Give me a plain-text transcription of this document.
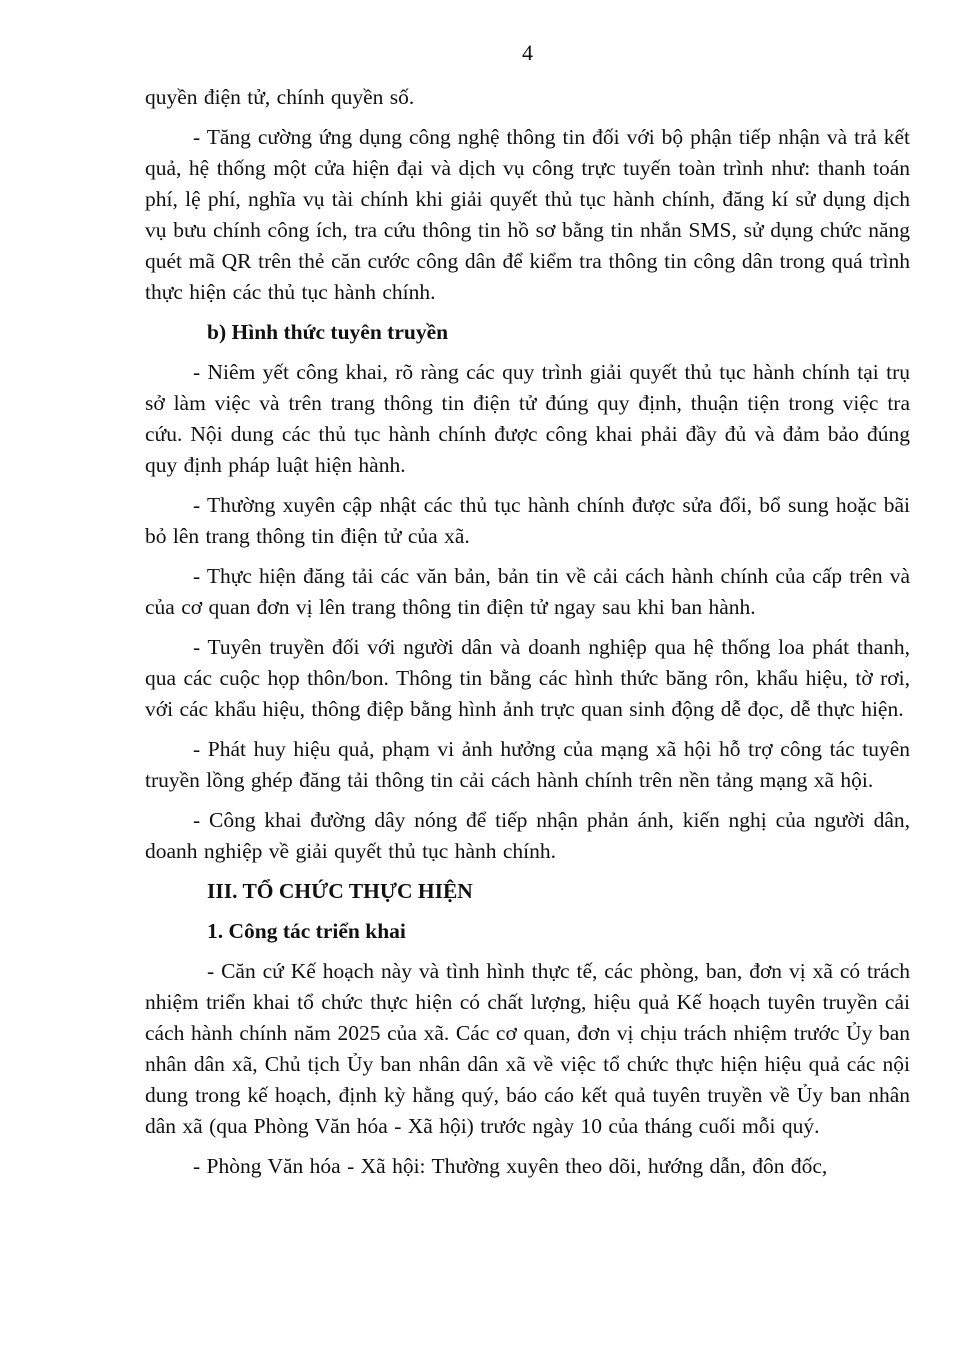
4

quyền điện tử, chính quyền số.

- Tăng cường ứng dụng công nghệ thông tin đối với bộ phận tiếp nhận và trả kết quả, hệ thống một cửa hiện đại và dịch vụ công trực tuyến toàn trình như: thanh toán phí, lệ phí, nghĩa vụ tài chính khi giải quyết thủ tục hành chính, đăng kí sử dụng dịch vụ bưu chính công ích, tra cứu thông tin hồ sơ bằng tin nhắn SMS, sử dụng chức năng quét mã QR trên thẻ căn cước công dân để kiểm tra thông tin công dân trong quá trình thực hiện các thủ tục hành chính.

b) Hình thức tuyên truyền

- Niêm yết công khai, rõ ràng các quy trình giải quyết thủ tục hành chính tại trụ sở làm việc và trên trang thông tin điện tử đúng quy định, thuận tiện trong việc tra cứu. Nội dung các thủ tục hành chính được công khai phải đầy đủ và đảm bảo đúng quy định pháp luật hiện hành.

- Thường xuyên cập nhật các thủ tục hành chính được sửa đổi, bổ sung hoặc bãi bỏ lên trang thông tin điện tử của xã.

- Thực hiện đăng tải các văn bản, bản tin về cải cách hành chính của cấp trên và của cơ quan đơn vị lên trang thông tin điện tử ngay sau khi ban hành.

- Tuyên truyền đối với người dân và doanh nghiệp qua hệ thống loa phát thanh, qua các cuộc họp thôn/bon. Thông tin bằng các hình thức băng rôn, khẩu hiệu, tờ rơi, với các khẩu hiệu, thông điệp bằng hình ảnh trực quan sinh động dễ đọc, dễ thực hiện.

- Phát huy hiệu quả, phạm vi ảnh hưởng của mạng xã hội hỗ trợ công tác tuyên truyền lồng ghép đăng tải thông tin cải cách hành chính trên nền tảng mạng xã hội.

- Công khai đường dây nóng để tiếp nhận phản ánh, kiến nghị của người dân, doanh nghiệp về giải quyết thủ tục hành chính.

III. TỔ CHỨC THỰC HIỆN

1. Công tác triển khai

- Căn cứ Kế hoạch này và tình hình thực tế, các phòng, ban, đơn vị xã có trách nhiệm triển khai tổ chức thực hiện có chất lượng, hiệu quả Kế hoạch tuyên truyền cải cách hành chính năm 2025 của xã. Các cơ quan, đơn vị chịu trách nhiệm trước Ủy ban nhân dân xã, Chủ tịch Ủy ban nhân dân xã về việc tổ chức thực hiện hiệu quả các nội dung trong kế hoạch, định kỳ hằng quý, báo cáo kết quả tuyên truyền về Ủy ban nhân dân xã (qua Phòng Văn hóa - Xã hội) trước ngày 10 của tháng cuối mỗi quý.

- Phòng Văn hóa - Xã hội: Thường xuyên theo dõi, hướng dẫn, đôn đốc,
